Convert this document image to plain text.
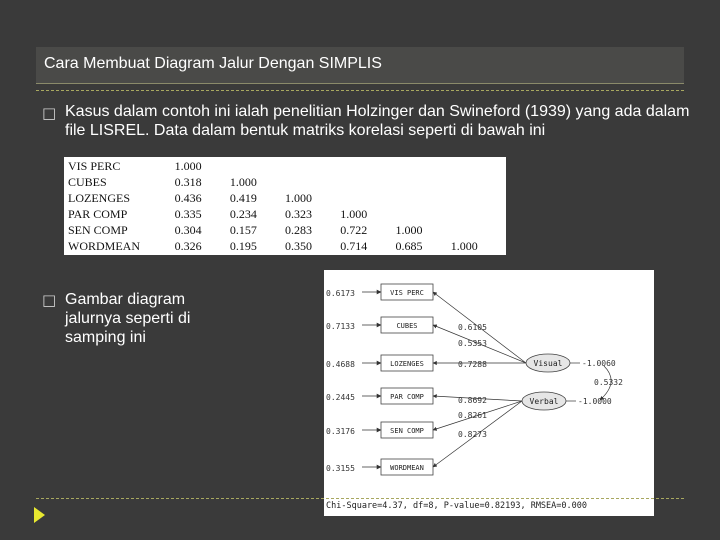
Cara Membuat Diagram Jalur Dengan SIMPLIS
□ Kasus dalam contoh ini ialah penelitian Holzinger dan Swineford (1939) yang ada dalam file LISREL. Data dalam bentuk matriks korelasi seperti di bawah ini
VIS PERC	1.000					
CUBES	0.318	1.000				
LOZENGES	0.436	0.419	1.000			
PAR COMP	0.335	0.234	0.323	1.000		
SEN COMP	0.304	0.157	0.283	0.722	1.000	
WORDMEAN	0.326	0.195	0.350	0.714	0.685	1.000
□ Gambar diagram jalurnya seperti di samping ini
0.6173	VIS PERC
0.7133	CUBES
0.4688	LOZENGES
0.2445	PAR COMP
0.3176	SEN COMP
0.3155	WORDMEAN
0.6105
0.5353
0.7288
0.8692
0.8261
0.8273
Visual -1.0060
Verbal -1.0000
0.5332
Chi-Square=4.37, df=8, P-value=0.82193, RMSEA=0.000
